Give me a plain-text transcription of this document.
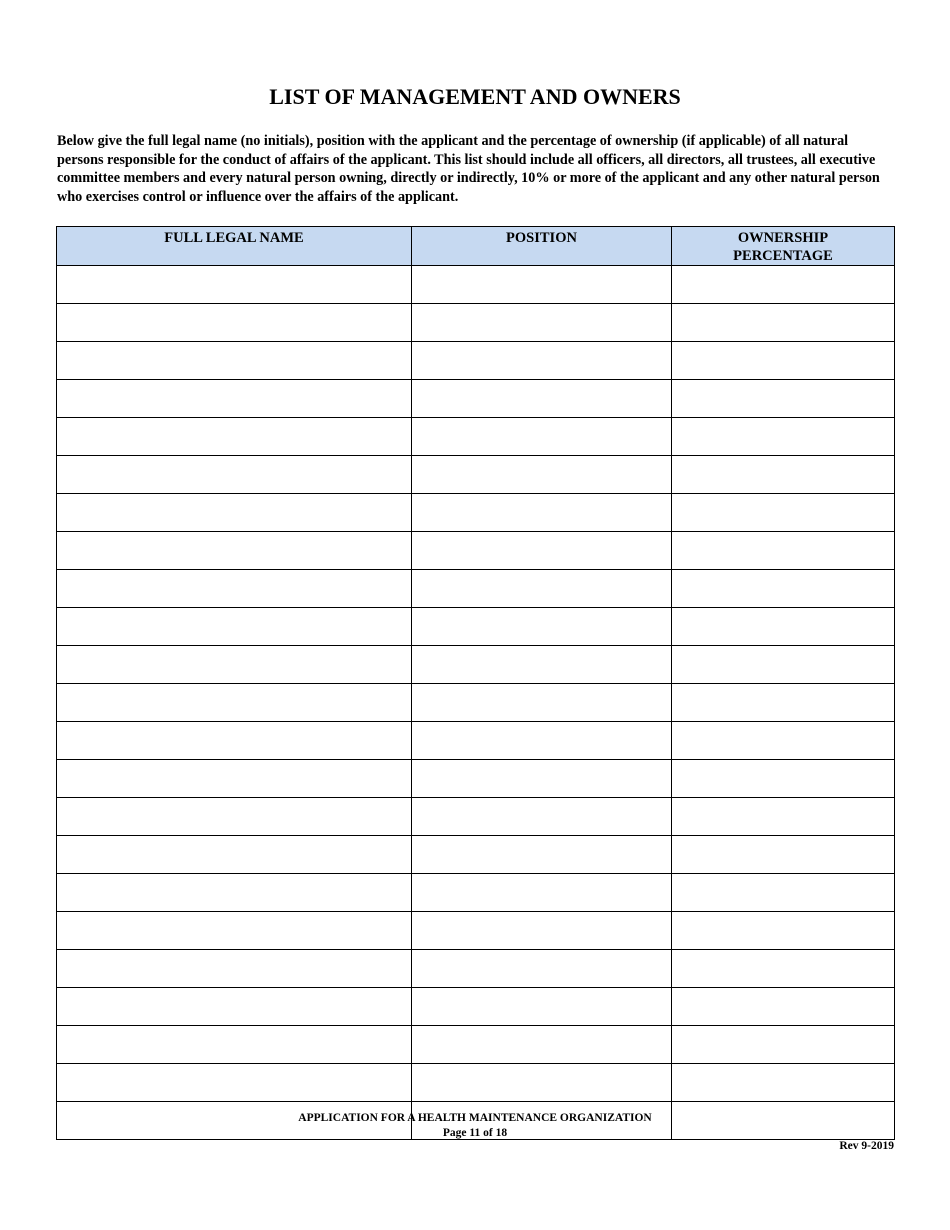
LIST OF MANAGEMENT AND OWNERS

Below give the full legal name (no initials), position with the applicant and the percentage of ownership (if applicable) of all natural persons responsible for the conduct of affairs of the applicant. This list should include all officers, all directors, all trustees, all executive committee members and every natural person owning, directly or indirectly, 10% or more of the applicant and any other natural person who exercises control or influence over the affairs of the applicant.

FULL LEGAL NAME	POSITION	OWNERSHIP
PERCENTAGE

APPLICATION FOR A HEALTH MAINTENANCE ORGANIZATION
Page 11 of 18
Rev 9-2019
